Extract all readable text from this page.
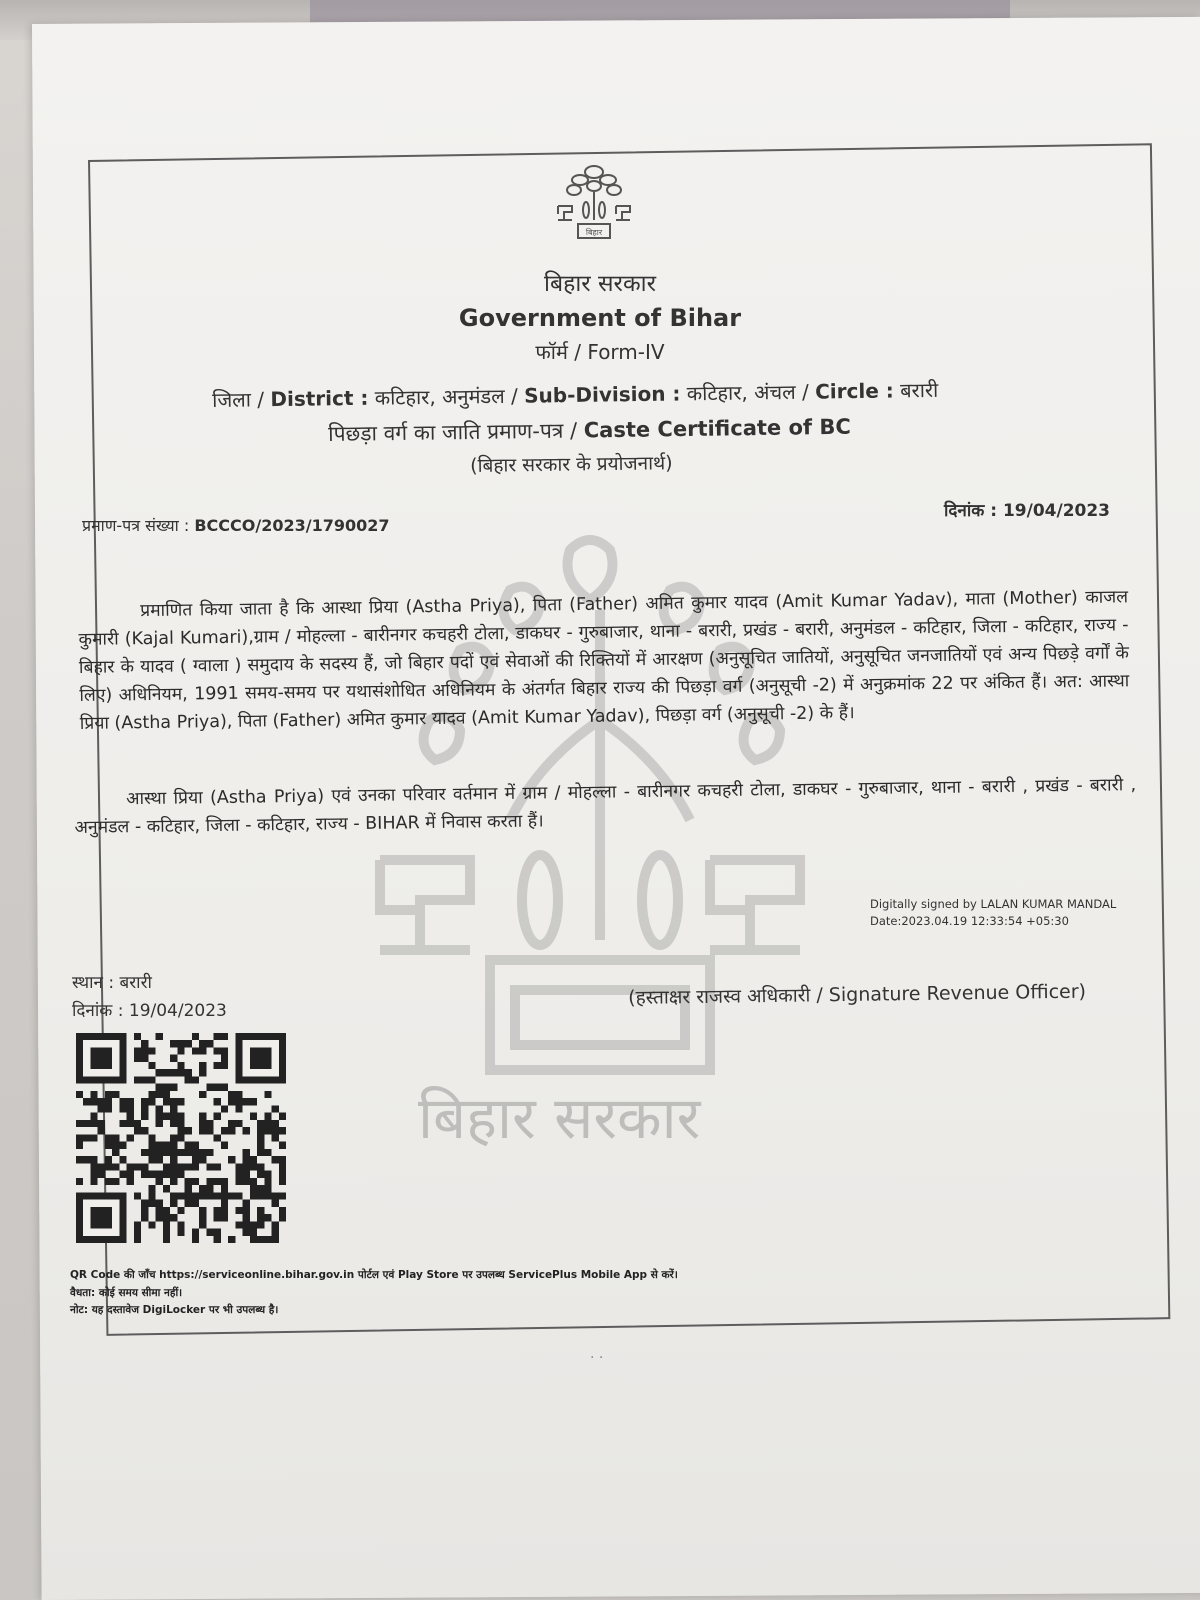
बिहार
बिहार सरकार
बिहार सरकार
Government of Bihar
फॉर्म / Form-IV
जिला / District : कटिहार, अनुमंडल / Sub-Division : कटिहार, अंचल / Circle : बरारी
पिछड़ा वर्ग का जाति प्रमाण-पत्र / Caste Certificate of BC
(बिहार सरकार के प्रयोजनार्थ)
प्रमाण-पत्र संख्या : BCCCO/2023/1790027
दिनांक : 19/04/2023
प्रमाणित किया जाता है कि आस्था प्रिया (Astha Priya), पिता (Father) अमित कुमार यादव (Amit Kumar Yadav), माता (Mother) काजल कुमारी (Kajal Kumari),ग्राम / मोहल्ला - बारीनगर कचहरी टोला, डाकघर - गुरुबाजार, थाना - बरारी, प्रखंड - बरारी, अनुमंडल - कटिहार, जिला - कटिहार, राज्य - बिहार के यादव ( ग्वाला ) समुदाय के सदस्य हैं, जो बिहार पदों एवं सेवाओं की रिक्तियों में आरक्षण (अनुसूचित जातियों, अनुसूचित जनजातियों एवं अन्य पिछड़े वर्गों के लिए) अधिनियम, 1991 समय-समय पर यथासंशोधित अधिनियम के अंतर्गत बिहार राज्य की पिछड़ा वर्ग (अनुसूची -2) में अनुक्रमांक 22 पर अंकित हैं। अत: आस्था प्रिया (Astha Priya), पिता (Father) अमित कुमार यादव (Amit Kumar Yadav), पिछड़ा वर्ग (अनुसूची -2) के हैं।
आस्था प्रिया (Astha Priya) एवं उनका परिवार वर्तमान में ग्राम / मोहल्ला - बारीनगर कचहरी टोला, डाकघर - गुरुबाजार, थाना - बरारी , प्रखंड - बरारी , अनुमंडल - कटिहार, जिला - कटिहार, राज्य - BIHAR में निवास करता हैं।
Digitally signed by LALAN KUMAR MANDAL
Date:2023.04.19 12:33:54 +05:30
(हस्ताक्षर राजस्व अधिकारी / Signature Revenue Officer)
स्थान : बरारी
दिनांक : 19/04/2023
QR Code की जाँच https://serviceonline.bihar.gov.in पोर्टल एवं Play Store पर उपलब्ध ServicePlus Mobile App से करें।
वैधता: कोई समय सीमा नहीं।
नोट: यह दस्तावेज DigiLocker पर भी उपलब्ध है।
· ·
